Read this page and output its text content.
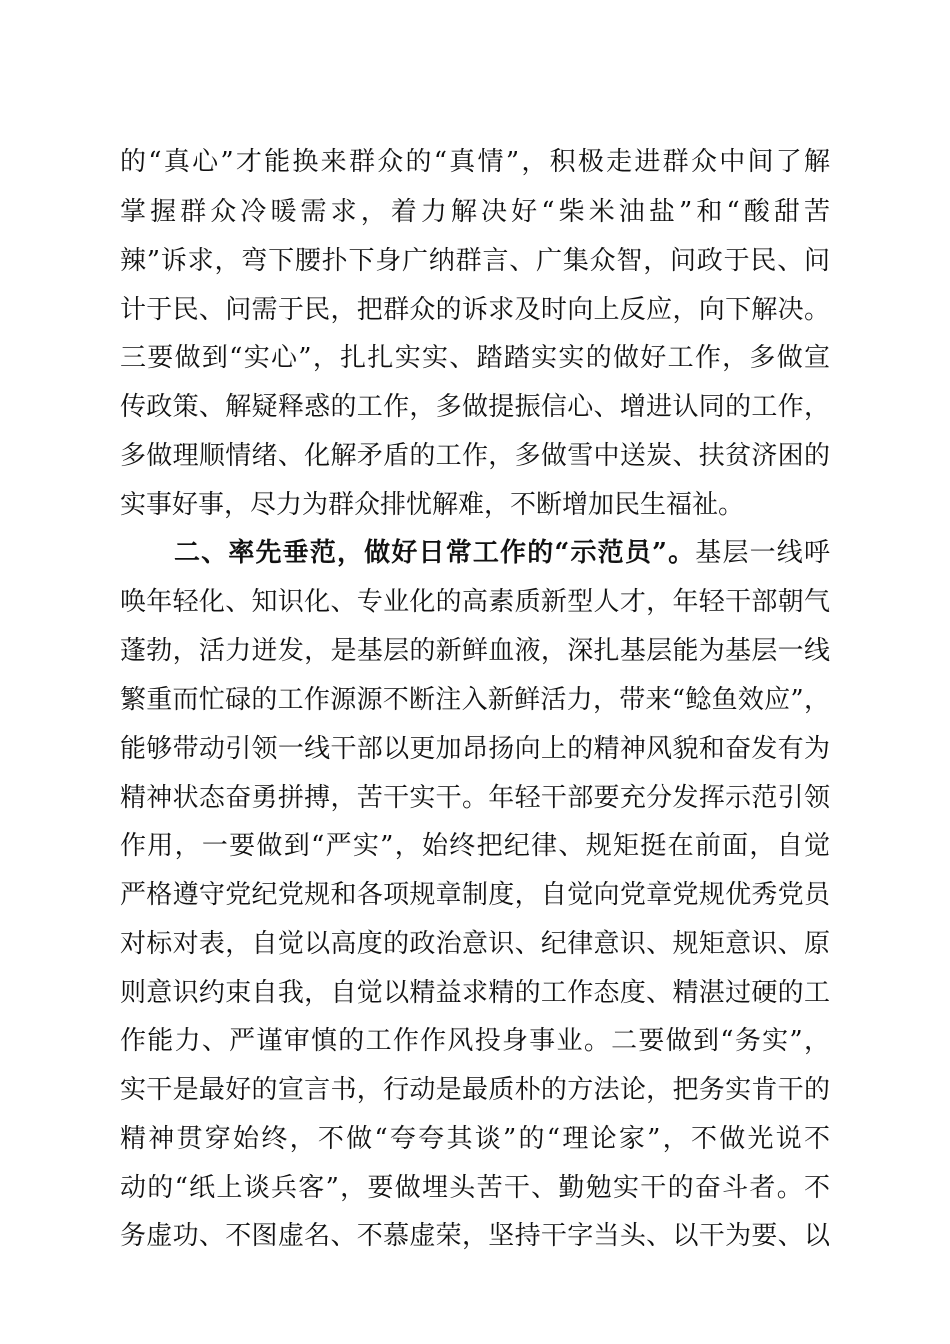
的“真心”才能换来群众的“真情”，积极走进群众中间了解
掌握群众冷暖需求，着力解决好“柴米油盐”和“酸甜苦
辣”诉求，弯下腰扑下身广纳群言、广集众智，问政于民、问
计于民、问需于民，把群众的诉求及时向上反应，向下解决。
三要做到“实心”，扎扎实实、踏踏实实的做好工作，多做宣
传政策、解疑释惑的工作，多做提振信心、增进认同的工作，
多做理顺情绪、化解矛盾的工作，多做雪中送炭、扶贫济困的
实事好事，尽力为群众排忧解难，不断增加民生福祉。
二、率先垂范，做好日常工作的“示范员”。基层一线呼
唤年轻化、知识化、专业化的高素质新型人才，年轻干部朝气
蓬勃，活力迸发，是基层的新鲜血液，深扎基层能为基层一线
繁重而忙碌的工作源源不断注入新鲜活力，带来“鲶鱼效应”，
能够带动引领一线干部以更加昂扬向上的精神风貌和奋发有为
精神状态奋勇拼搏，苦干实干。年轻干部要充分发挥示范引领
作用，一要做到“严实”，始终把纪律、规矩挺在前面，自觉
严格遵守党纪党规和各项规章制度，自觉向党章党规优秀党员
对标对表，自觉以高度的政治意识、纪律意识、规矩意识、原
则意识约束自我，自觉以精益求精的工作态度、精湛过硬的工
作能力、严谨审慎的工作作风投身事业。二要做到“务实”，
实干是最好的宣言书，行动是最质朴的方法论，把务实肯干的
精神贯穿始终，不做“夸夸其谈”的“理论家”，不做光说不
动的“纸上谈兵客”，要做埋头苦干、勤勉实干的奋斗者。不
务虚功、不图虚名、不慕虚荣，坚持干字当头、以干为要、以
